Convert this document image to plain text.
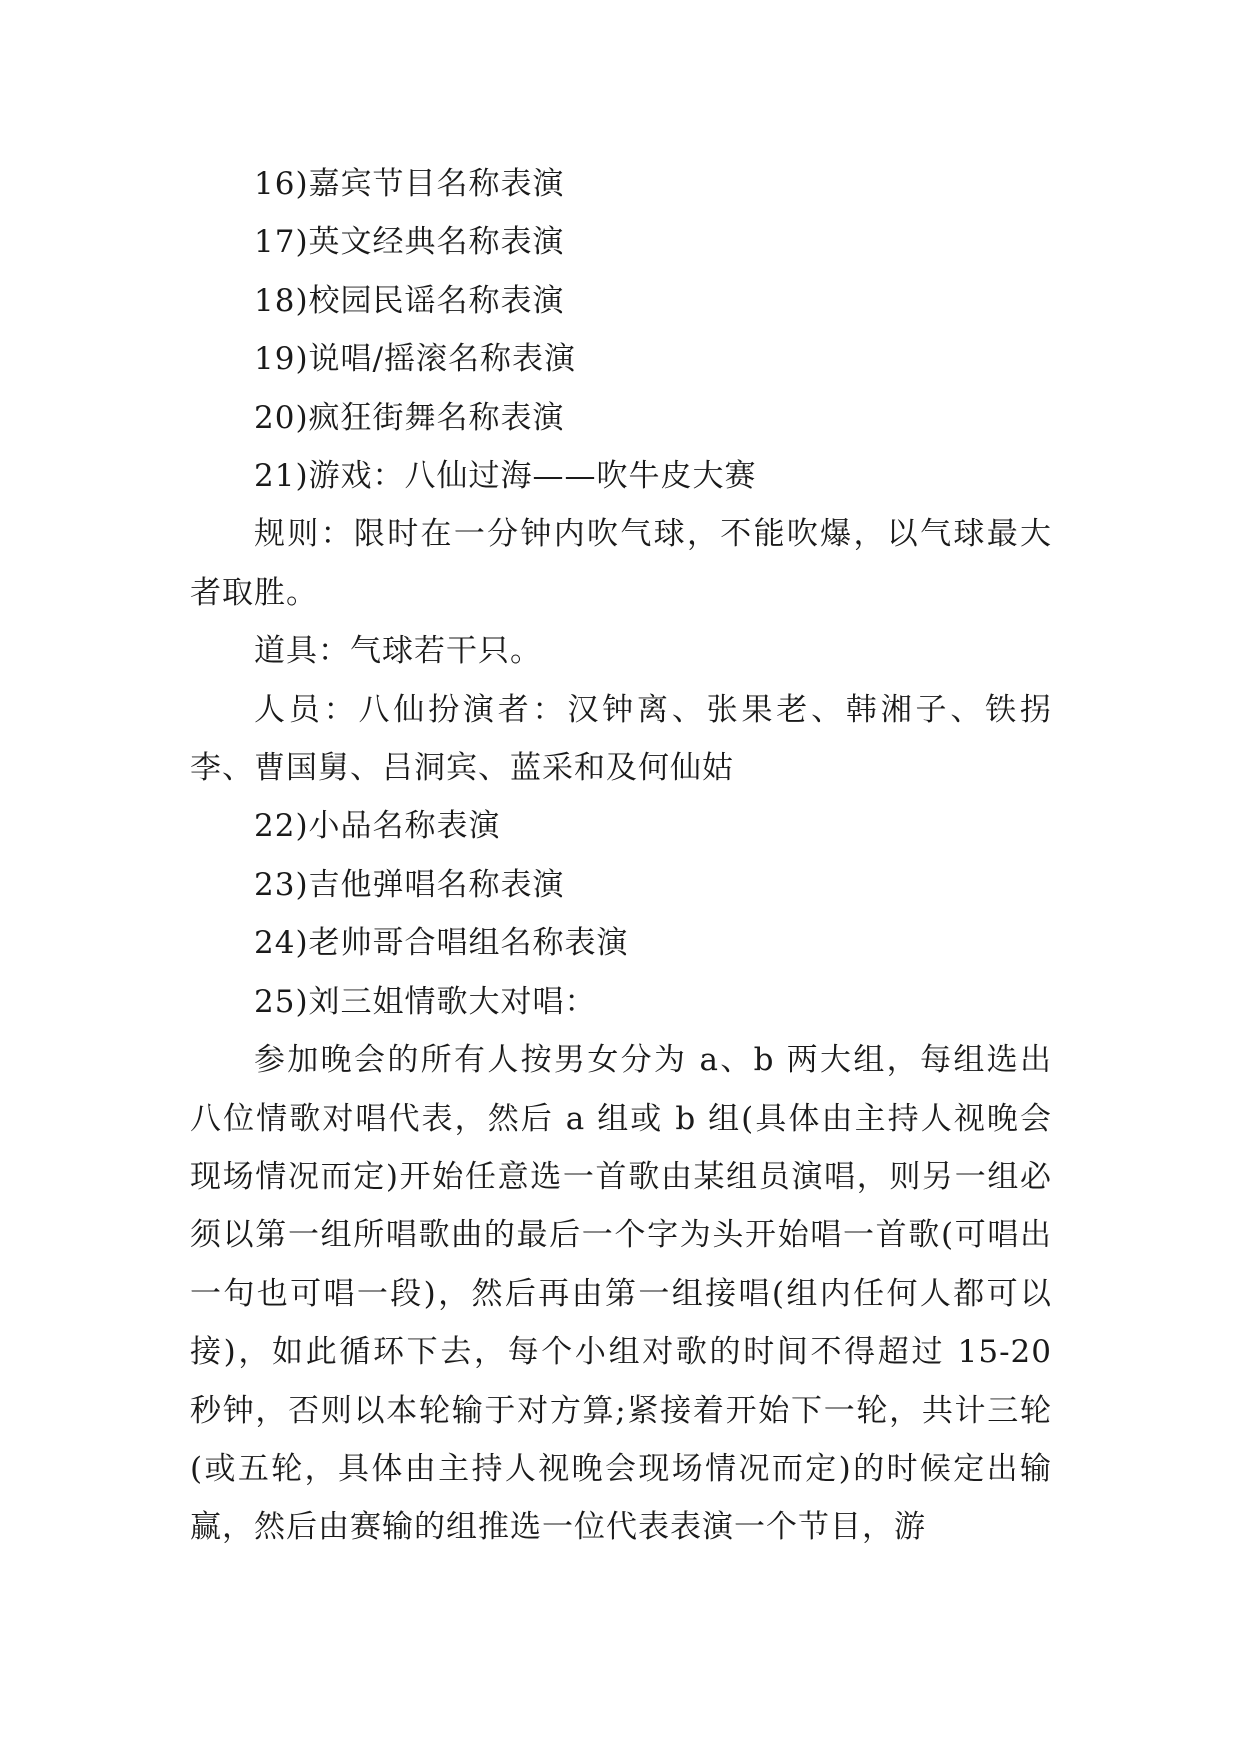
16)嘉宾节目名称表演

17)英文经典名称表演

18)校园民谣名称表演

19)说唱/摇滚名称表演

20)疯狂街舞名称表演

21)游戏：八仙过海——吹牛皮大赛

规则：限时在一分钟内吹气球，不能吹爆，以气球最大者取胜。

道具：气球若干只。

人员：八仙扮演者：汉钟离、张果老、韩湘子、铁拐李、曹国舅、吕洞宾、蓝采和及何仙姑

22)小品名称表演

23)吉他弹唱名称表演

24)老帅哥合唱组名称表演

25)刘三姐情歌大对唱：

参加晚会的所有人按男女分为 a、b 两大组，每组选出八位情歌对唱代表，然后 a 组或 b 组(具体由主持人视晚会现场情况而定)开始任意选一首歌由某组员演唱，则另一组必须以第一组所唱歌曲的最后一个字为头开始唱一首歌(可唱出一句也可唱一段)，然后再由第一组接唱(组内任何人都可以接)，如此循环下去，每个小组对歌的时间不得超过 15-20 秒钟，否则以本轮输于对方算;紧接着开始下一轮，共计三轮(或五轮，具体由主持人视晚会现场情况而定)的时候定出输赢，然后由赛输的组推选一位代表表演一个节目，游
